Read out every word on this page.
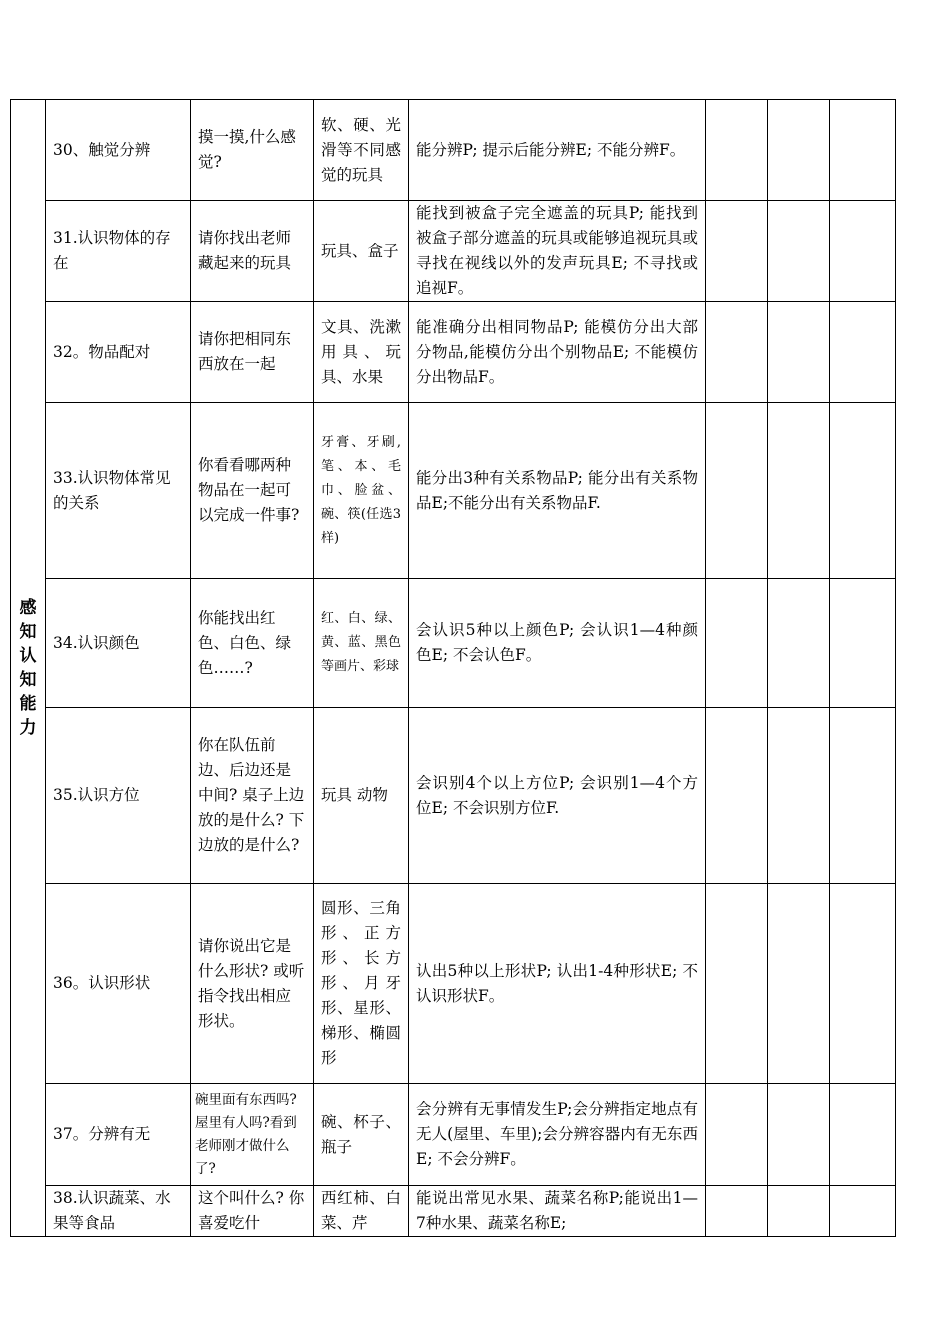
感知认知能力	30、触觉分辨	摸一摸,什么感觉?	软、硬、光滑等不同感觉的玩具	能分辨P; 提示后能分辨E; 不能分辨F。			
	31.认识物体的存在	请你找出老师藏起来的玩具	玩具、盒子	能找到被盒子完全遮盖的玩具P; 能找到被盒子部分遮盖的玩具或能够追视玩具或寻找在视线以外的发声玩具E; 不寻找或追视F。			
	32。物品配对	请你把相同东西放在一起	文具、洗漱用具、玩具、水果	能准确分出相同物品P; 能模仿分出大部分物品,能模仿分出个别物品E; 不能模仿分出物品F。			
	33.认识物体常见的关系	你看看哪两种物品在一起可以完成一件事?	牙膏、牙刷,笔、本、毛巾、脸盆、碗、筷(任选3样)	能分出3种有关系物品P; 能分出有关系物品E;不能分出有关系物品F.			
	34.认识颜色	你能找出红色、白色、绿色……?	红、白、绿、黄、蓝、黑色等画片、彩球	会认识5种以上颜色P; 会认识1—4种颜色E; 不会认色F。			
	35.认识方位	你在队伍前边、后边还是中间? 桌子上边放的是什么? 下边放的是什么?	玩具 动物	会识别4个以上方位P; 会识别1—4个方位E; 不会识别方位F.			
	36。认识形状	请你说出它是什么形状? 或听指令找出相应形状。	圆形、三角形、正方形、长方形、月牙形、星形、梯形、椭圆形	认出5种以上形状P; 认出1-4种形状E; 不认识形状F。			
	37。分辨有无	碗里面有东西吗? 屋里有人吗?看到老师刚才做什么了?	碗、杯子、瓶子	会分辨有无事情发生P;会分辨指定地点有无人(屋里、车里);会分辨容器内有无东西E; 不会分辨F。			
	38.认识蔬菜、水果等食品	这个叫什么? 你喜爱吃什	西红柿、白菜、芹	能说出常见水果、蔬菜名称P;能说出1—7种水果、蔬菜名称E;			
